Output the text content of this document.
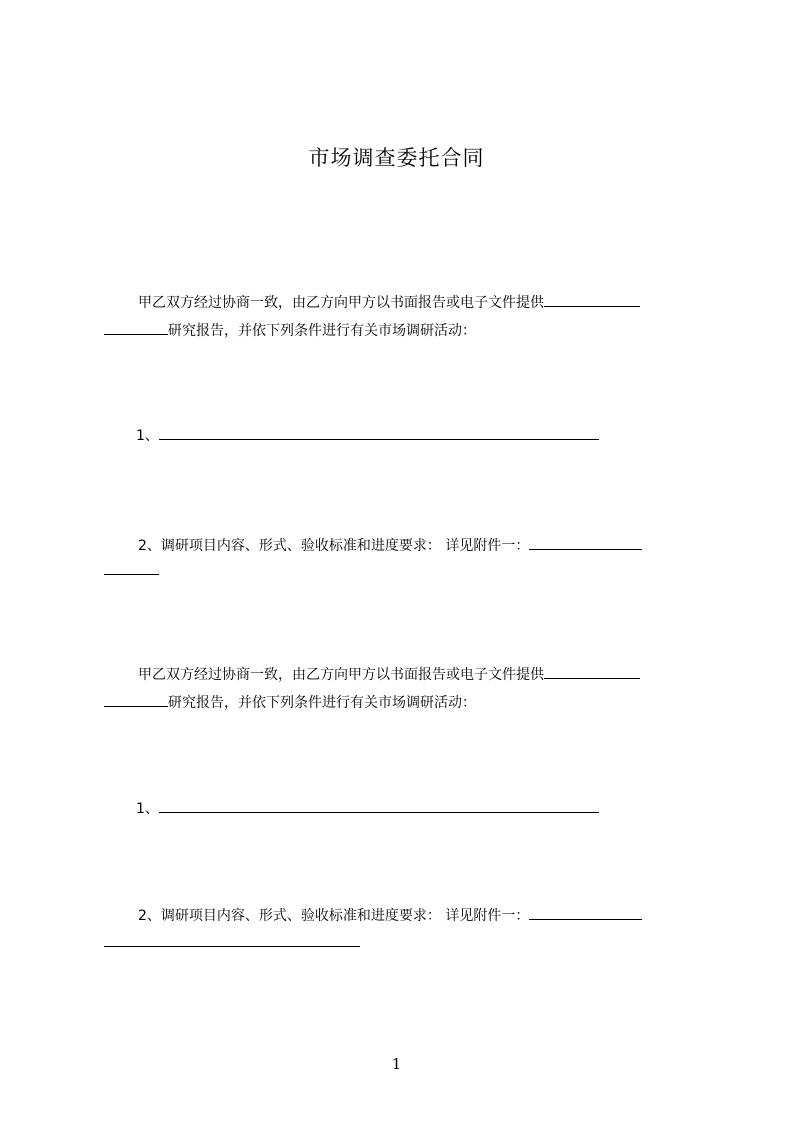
市场调查委托合同
甲乙双方经过协商一致，由乙方向甲方以书面报告或电子文件提供
研究报告，并依下列条件进行有关市场调研活动：
1、
2、调研项目内容、形式、验收标准和进度要求： 详见附件一：
甲乙双方经过协商一致，由乙方向甲方以书面报告或电子文件提供
研究报告，并依下列条件进行有关市场调研活动：
1、
2、调研项目内容、形式、验收标准和进度要求： 详见附件一：
1
